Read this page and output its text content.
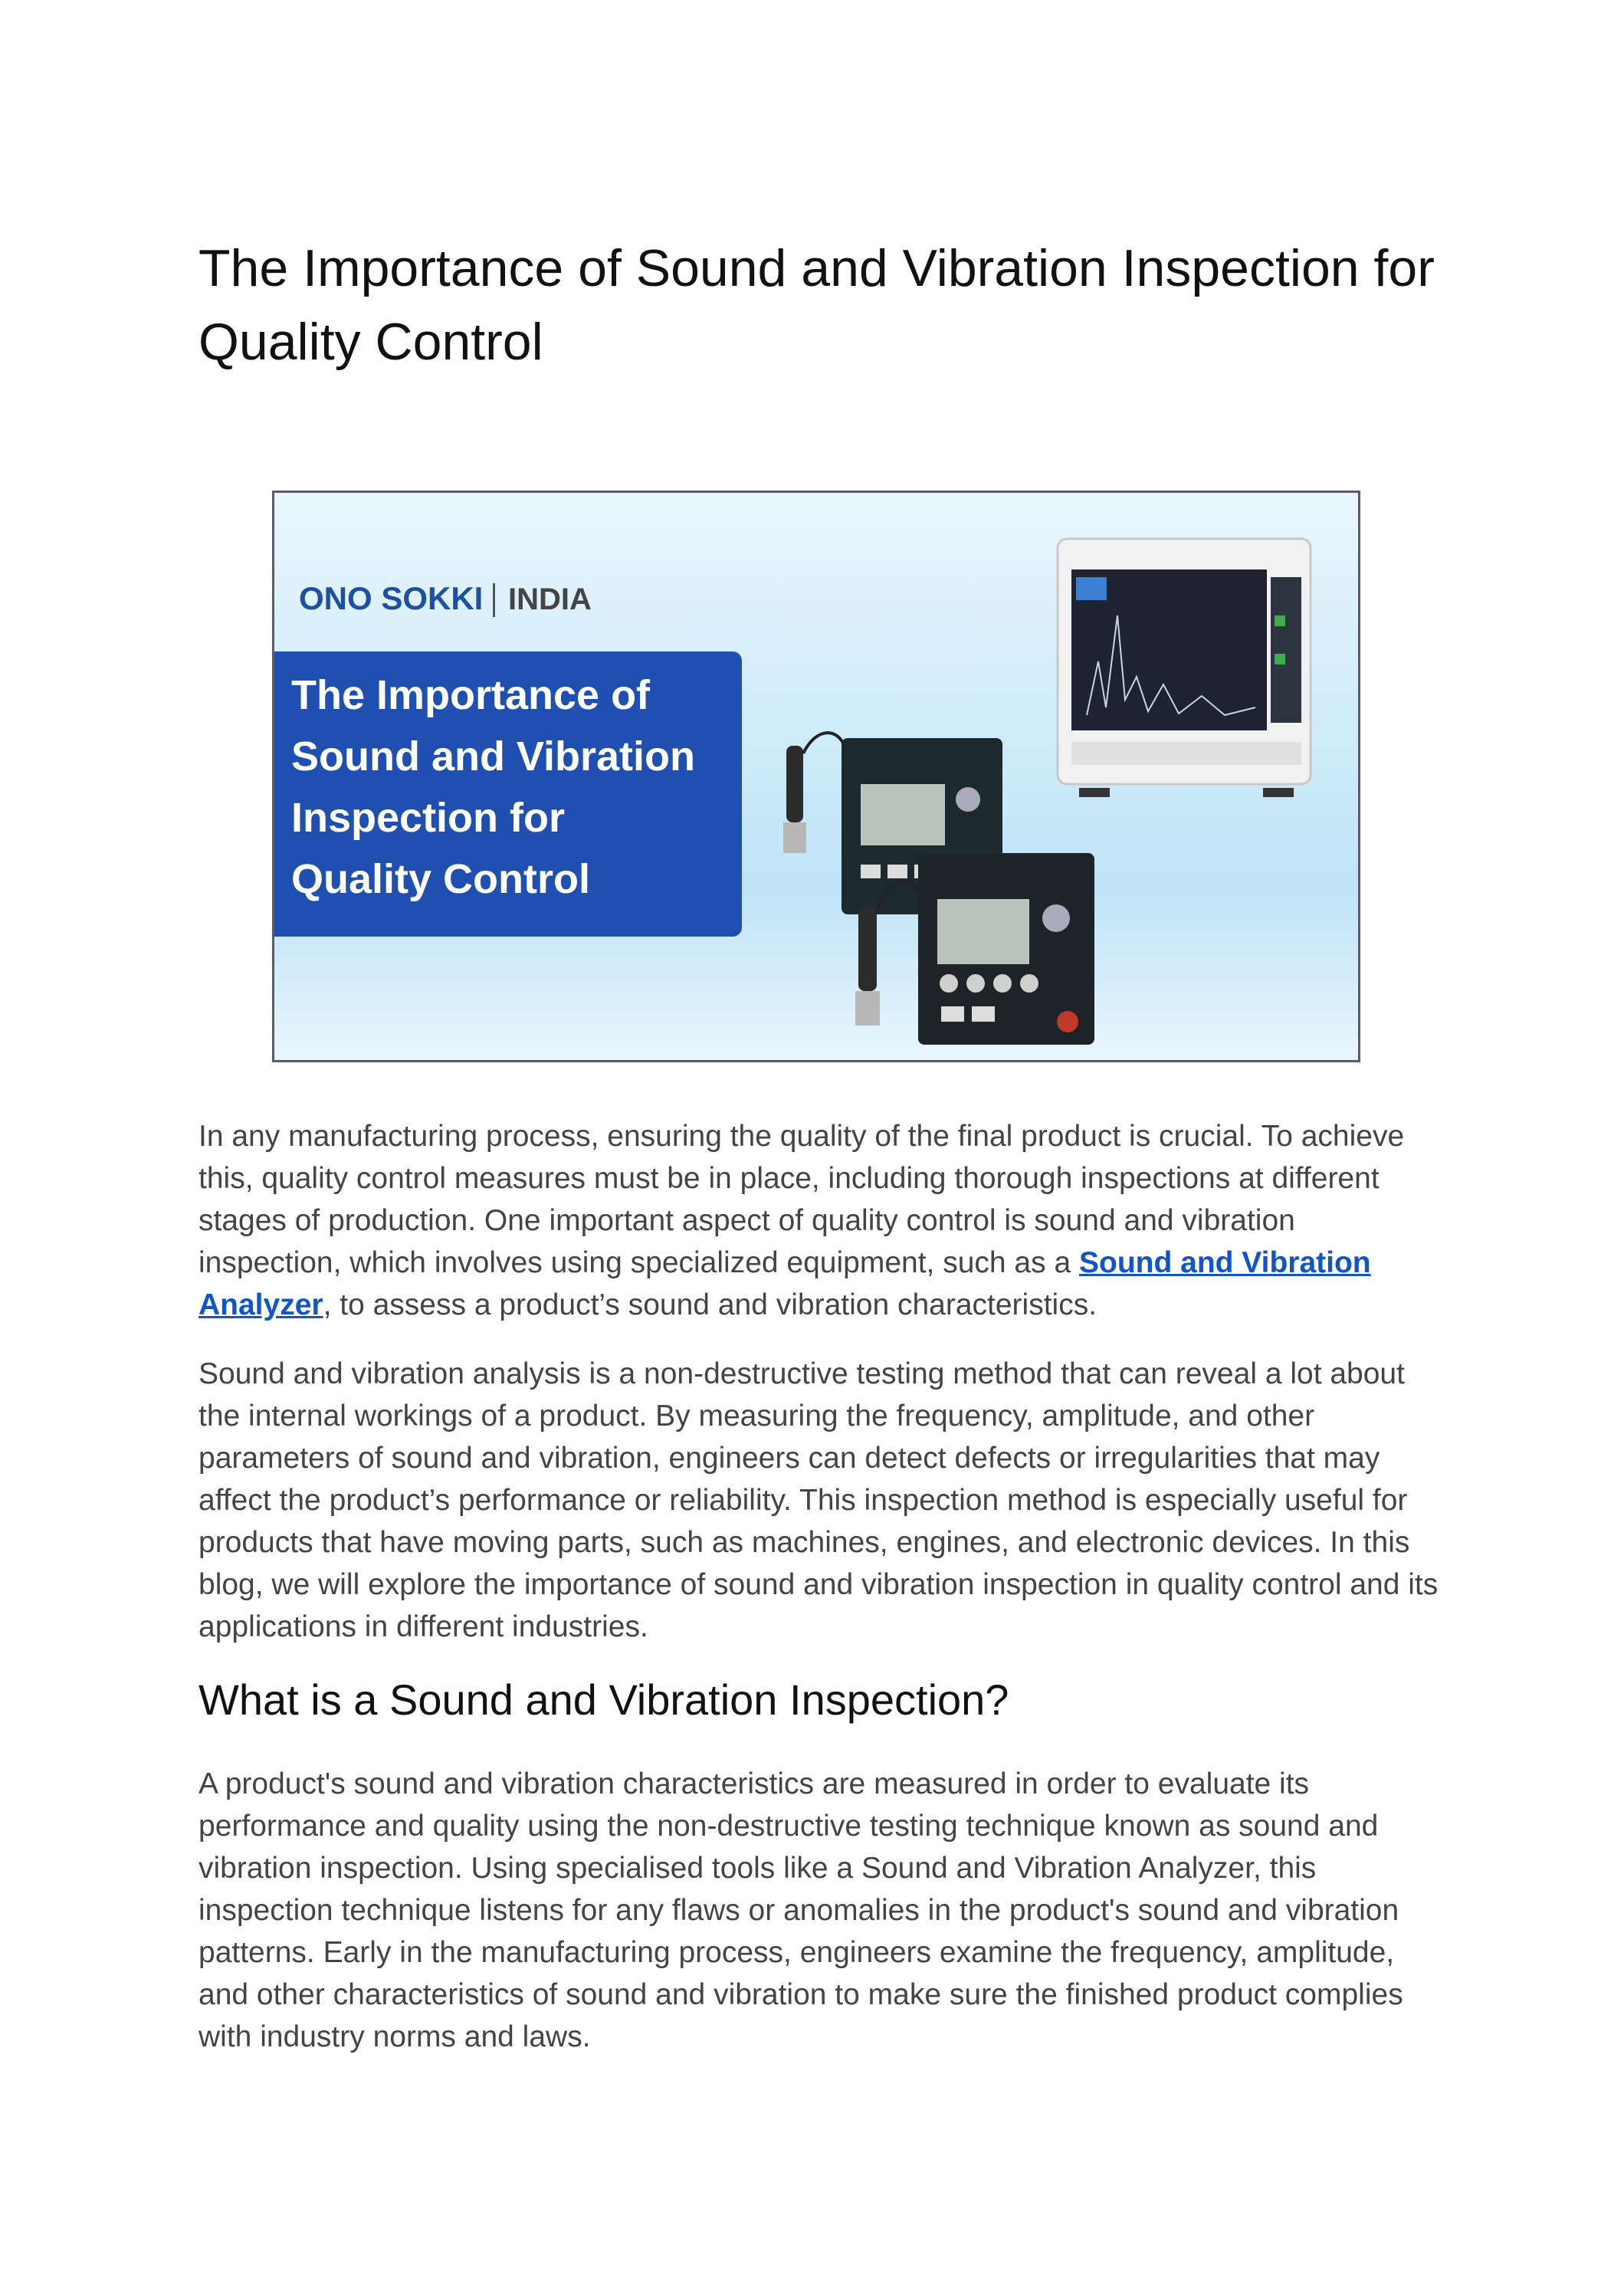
The Importance of Sound and Vibration Inspection for Quality Control
ONO SOKKI INDIA
The Importance of
Sound and Vibration
Inspection for
Quality Control

In any manufacturing process, ensuring the quality of the final product is crucial. To achieve this, quality control measures must be in place, including thorough inspections at different stages of production. One important aspect of quality control is sound and vibration inspection, which involves using specialized equipment, such as a Sound and Vibration Analyzer, to assess a product’s sound and vibration characteristics.

Sound and vibration analysis is a non-destructive testing method that can reveal a lot about the internal workings of a product. By measuring the frequency, amplitude, and other parameters of sound and vibration, engineers can detect defects or irregularities that may affect the product’s performance or reliability. This inspection method is especially useful for products that have moving parts, such as machines, engines, and electronic devices. In this blog, we will explore the importance of sound and vibration inspection in quality control and its applications in different industries.

What is a Sound and Vibration Inspection?

A product's sound and vibration characteristics are measured in order to evaluate its performance and quality using the non-destructive testing technique known as sound and vibration inspection. Using specialised tools like a Sound and Vibration Analyzer, this inspection technique listens for any flaws or anomalies in the product's sound and vibration patterns. Early in the manufacturing process, engineers examine the frequency, amplitude, and other characteristics of sound and vibration to make sure the finished product complies with industry norms and laws.
